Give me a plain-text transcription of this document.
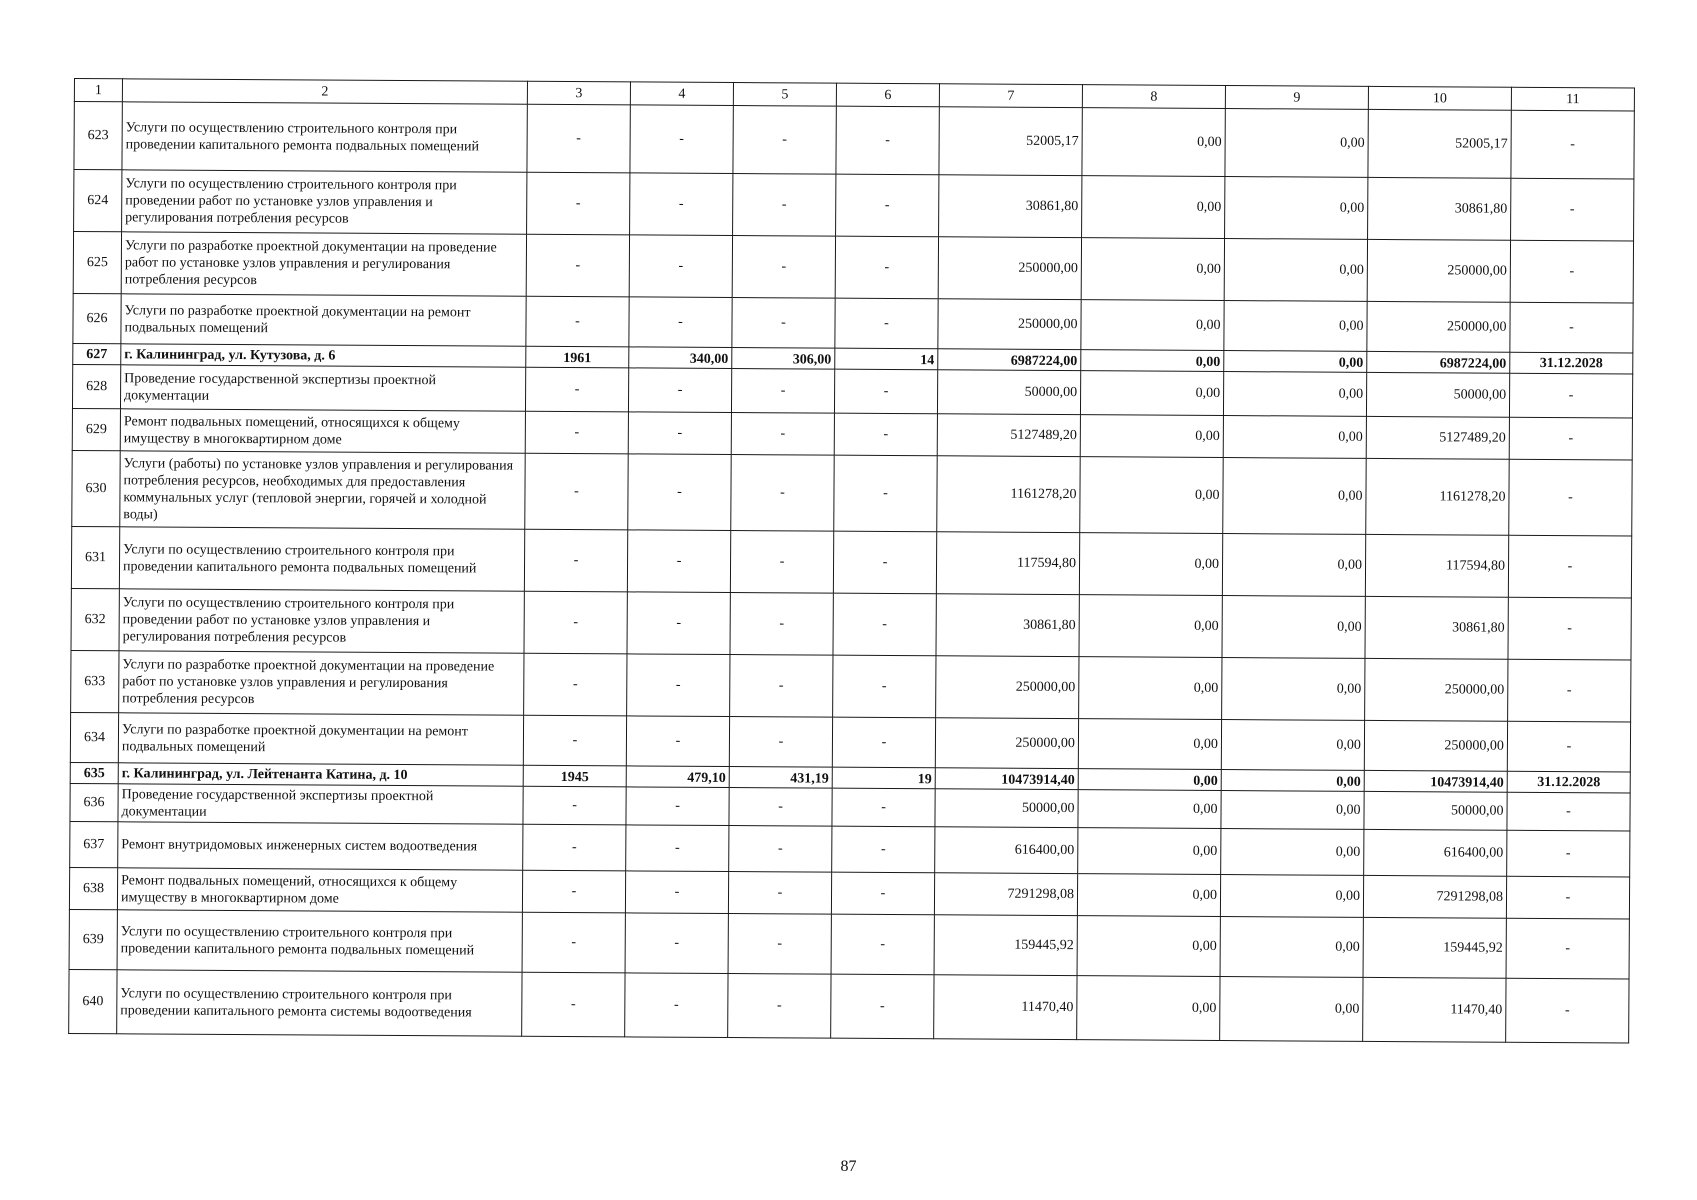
1	2	3	4	5	6	7	8	9	10	11
623	Услуги по осуществлению строительного контроля при проведении капитального ремонта подвальных помещений	-	-	-	-	52005,17	0,00	0,00	52005,17	-
624	Услуги по осуществлению строительного контроля при проведении работ по установке узлов управления и регулирования потребления ресурсов	-	-	-	-	30861,80	0,00	0,00	30861,80	-
625	Услуги по разработке проектной документации на проведение работ по установке узлов управления и регулирования потребления ресурсов	-	-	-	-	250000,00	0,00	0,00	250000,00	-
626	Услуги по разработке проектной документации на ремонт подвальных помещений	-	-	-	-	250000,00	0,00	0,00	250000,00	-
627	г. Калининград, ул. Кутузова, д. 6	1961	340,00	306,00	14	6987224,00	0,00	0,00	6987224,00	31.12.2028
628	Проведение государственной экспертизы проектной документации	-	-	-	-	50000,00	0,00	0,00	50000,00	-
629	Ремонт подвальных помещений, относящихся к общему имуществу в многоквартирном доме	-	-	-	-	5127489,20	0,00	0,00	5127489,20	-
630	Услуги (работы) по установке узлов управления и регулирования потребления ресурсов, необходимых для предоставления коммунальных услуг (тепловой энергии, горячей и холодной воды)	-	-	-	-	1161278,20	0,00	0,00	1161278,20	-
631	Услуги по осуществлению строительного контроля при проведении капитального ремонта подвальных помещений	-	-	-	-	117594,80	0,00	0,00	117594,80	-
632	Услуги по осуществлению строительного контроля при проведении работ по установке узлов управления и регулирования потребления ресурсов	-	-	-	-	30861,80	0,00	0,00	30861,80	-
633	Услуги по разработке проектной документации на проведение работ по установке узлов управления и регулирования потребления ресурсов	-	-	-	-	250000,00	0,00	0,00	250000,00	-
634	Услуги по разработке проектной документации на ремонт подвальных помещений	-	-	-	-	250000,00	0,00	0,00	250000,00	-
635	г. Калининград, ул. Лейтенанта Катина, д. 10	1945	479,10	431,19	19	10473914,40	0,00	0,00	10473914,40	31.12.2028
636	Проведение государственной экспертизы проектной документации	-	-	-	-	50000,00	0,00	0,00	50000,00	-
637	Ремонт внутридомовых инженерных систем водоотведения	-	-	-	-	616400,00	0,00	0,00	616400,00	-
638	Ремонт подвальных помещений, относящихся к общему имуществу в многоквартирном доме	-	-	-	-	7291298,08	0,00	0,00	7291298,08	-
639	Услуги по осуществлению строительного контроля при проведении капитального ремонта подвальных помещений	-	-	-	-	159445,92	0,00	0,00	159445,92	-
640	Услуги по осуществлению строительного контроля при проведении капитального ремонта системы водоотведения	-	-	-	-	11470,40	0,00	0,00	11470,40	-
87
